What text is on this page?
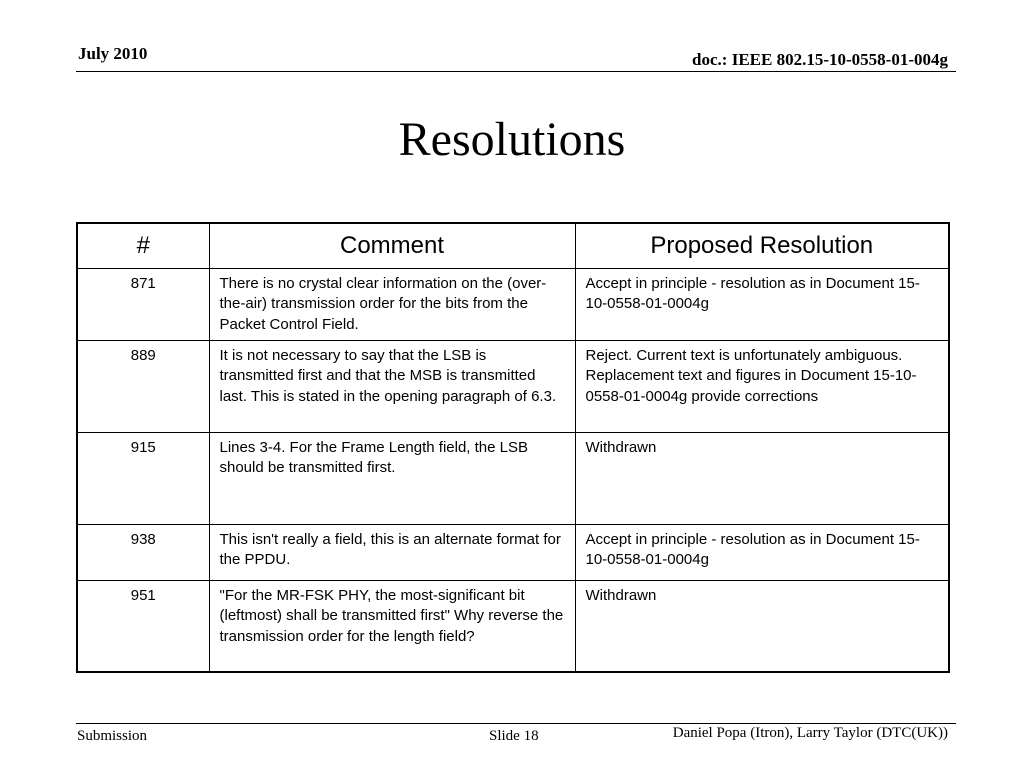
July 2010	doc.: IEEE 802.15-10-0558-01-004g
Resolutions
#	Comment	Proposed Resolution
871	There is no crystal clear information on the (over-the-air) transmission order for the bits from the Packet Control Field.	Accept in principle - resolution as in Document 15-10-0558-01-0004g
889	It is not necessary to say that the LSB is transmitted first and that the MSB is transmitted last. This is stated in the opening paragraph of 6.3.	Reject. Current text is unfortunately ambiguous. Replacement text and figures in Document 15-10-0558-01-0004g provide corrections
915	Lines 3-4. For the Frame Length field, the LSB should be transmitted first.	Withdrawn
938	This isn't really a field, this is an alternate format for the PPDU.	Accept in principle - resolution as in Document 15-10-0558-01-0004g
951	"For the MR-FSK PHY, the most-significant bit (leftmost) shall be transmitted first" Why reverse the transmission order for the length field?	Withdrawn
Submission	Slide 18	Daniel Popa (Itron), Larry Taylor (DTC(UK))
